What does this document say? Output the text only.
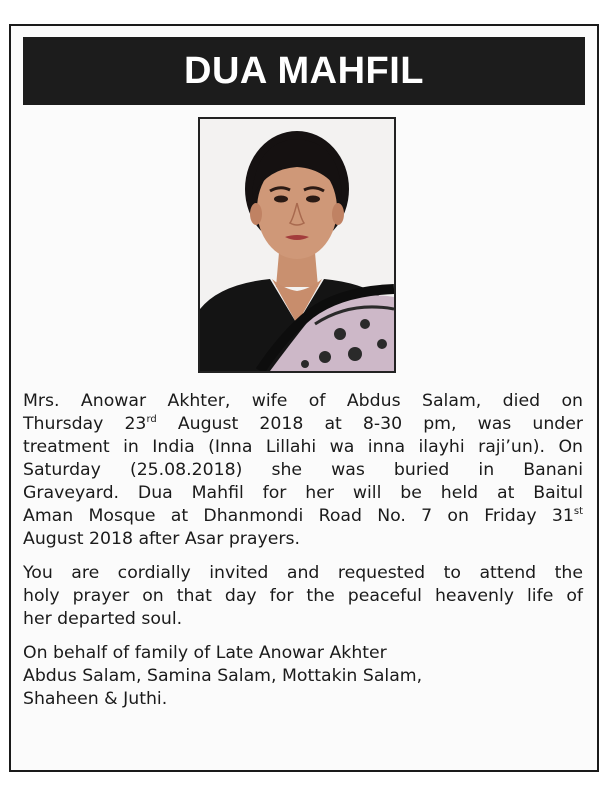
DUA MAHFIL

Mrs. Anowar Akhter, wife of Abdus Salam, died on
Thursday 23rd August 2018 at 8-30 pm, was under
treatment in India (Inna Lillahi wa inna ilayhi raji’un). On
Saturday (25.08.2018) she was buried in Banani
Graveyard. Dua Mahfil for her will be held at Baitul
Aman Mosque at Dhanmondi Road No. 7 on Friday 31st
August 2018 after Asar prayers.

You are cordially invited and requested to attend the
holy prayer on that day for the peaceful heavenly life of
her departed soul.

On behalf of family of Late Anowar Akhter
Abdus Salam, Samina Salam, Mottakin Salam,
Shaheen & Juthi.
